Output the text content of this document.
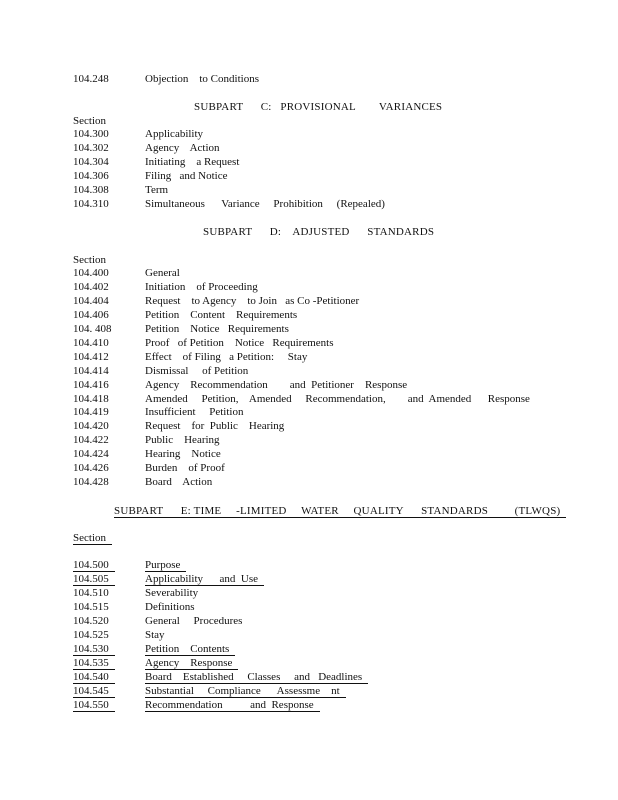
104.248	Objection    to Conditions
SUBPART      C:   PROVISIONAL        VARIANCES
Section
104.300	Applicability
104.302	Agency    Action
104.304	Initiating    a Request
104.306	Filing   and Notice
104.308	Term
104.310	Simultaneous      Variance     Prohibition     (Repealed)
SUBPART      D:    ADJUSTED      STANDARDS
Section
104.400	General
104.402	Initiation    of Proceeding
104.404	Request    to Agency    to Join   as Co -Petitioner
104.406	Petition    Content    Requirements
104. 408	Petition    Notice   Requirements
104.410	Proof   of Petition    Notice   Requirements
104.412	Effect    of Filing   a Petition:     Stay
104.414	Dismissal     of Petition
104.416	Agency    Recommendation        and  Petitioner    Response
104.418	Amended     Petition,    Amended     Recommendation,        and  Amended      Response
104.419	Insufficient     Petition
104.420	Request    for  Public    Hearing
104.422	Public    Hearing
104.424	Hearing    Notice
104.426	Burden    of Proof
104.428	Board    Action
SUBPART      E: TIME     -LIMITED     WATER     QUALITY      STANDARDS         (TLWQS)
Section
104.500	Purpose
104.505	Applicability      and  Use
104.510	Severability
104.515	Definitions
104.520	General     Procedures
104.525	Stay
104.530	Petition    Contents
104.535	Agency    Response
104.540	Board    Established     Classes     and   Deadlines
104.545	Substantial     Compliance      Assessme    nt
104.550	Recommendation          and  Response
